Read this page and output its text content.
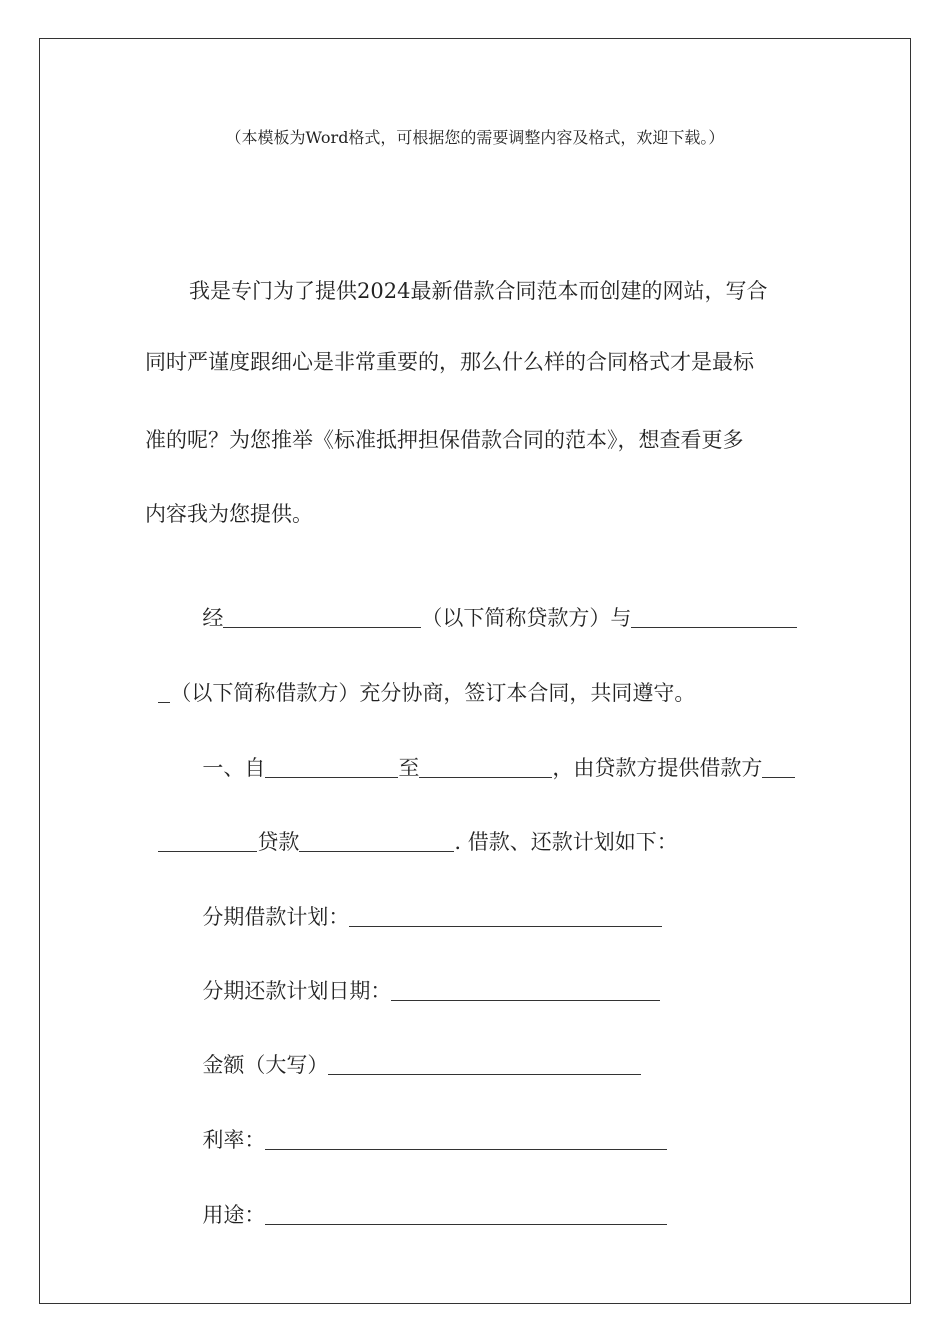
（本模板为Word格式，可根据您的需要调整内容及格式，欢迎下载。）
我是专门为了提供2024最新借款合同范本而创建的网站，写合
同时严谨度跟细心是非常重要的，那么什么样的合同格式才是最标
准的呢？为您推举《标准抵押担保借款合同的范本》，想查看更多
内容我为您提供。

经	（以下简称贷款方）与

（以下简称借款方）充分协商，签订本合同，共同遵守。

一、自	至	，由贷款方提供借款方

贷款	. 借款、还款计划如下：

分期借款计划：

分期还款计划日期：

金额（大写）

利率：

用途：
